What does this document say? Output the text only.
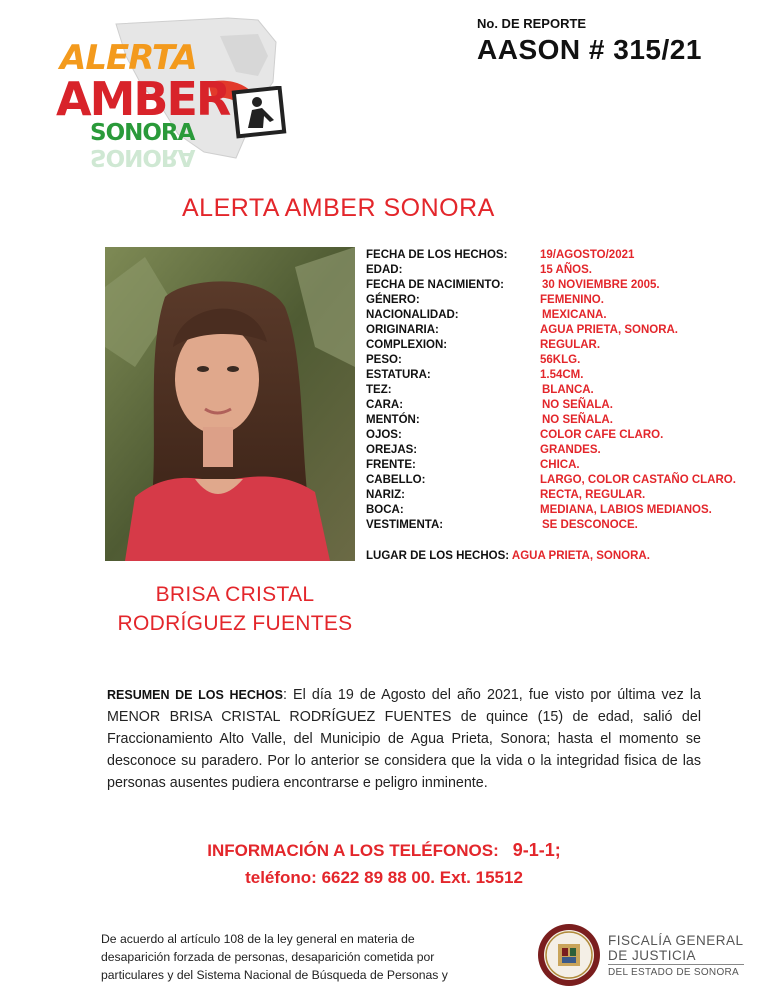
ALERTA
AMBER
SONORA
SONORA
No. DE REPORTE
AASON # 315/21
ALERTA AMBER SONORA
BRISA CRISTAL
RODRÍGUEZ FUENTES
FECHA DE LOS HECHOS:	19/AGOSTO/2021
EDAD:	15 AÑOS.
FECHA DE NACIMIENTO:	30 NOVIEMBRE 2005.
GÉNERO:	FEMENINO.
NACIONALIDAD:	MEXICANA.
ORIGINARIA:	AGUA PRIETA, SONORA.
COMPLEXION:	REGULAR.
PESO:	56KLG.
ESTATURA:	1.54CM.
TEZ:	BLANCA.
CARA:	NO SEÑALA.
MENTÓN:	NO SEÑALA.
OJOS:	COLOR CAFE CLARO.
OREJAS:	GRANDES.
FRENTE:	CHICA.
CABELLO:	LARGO, COLOR CASTAÑO CLARO.
NARIZ:	RECTA, REGULAR.
BOCA:	MEDIANA, LABIOS MEDIANOS.
VESTIMENTA:	SE DESCONOCE.
LUGAR DE LOS HECHOS: AGUA PRIETA, SONORA.
RESUMEN DE LOS HECHOS: El día 19 de Agosto del año 2021, fue visto por última vez la MENOR BRISA CRISTAL RODRÍGUEZ FUENTES de quince (15) de edad, salió del Fraccionamiento Alto Valle, del Municipio de Agua Prieta, Sonora; hasta el momento se desconoce su paradero. Por lo anterior se considera que la vida o la integridad fisica de las personas ausentes pudiera encontrarse e peligro inminente.
INFORMACIÓN A LOS TELÉFONOS: 9-1-1;
teléfono: 6622 89 88 00. Ext. 15512
De acuerdo al artículo 108 de la ley general en materia de
desaparición forzada de personas, desaparición cometida por
particulares y del Sistema Nacional de Búsqueda de Personas y
FISCALÍA GENERAL
DE JUSTICIA
DEL ESTADO DE SONORA
